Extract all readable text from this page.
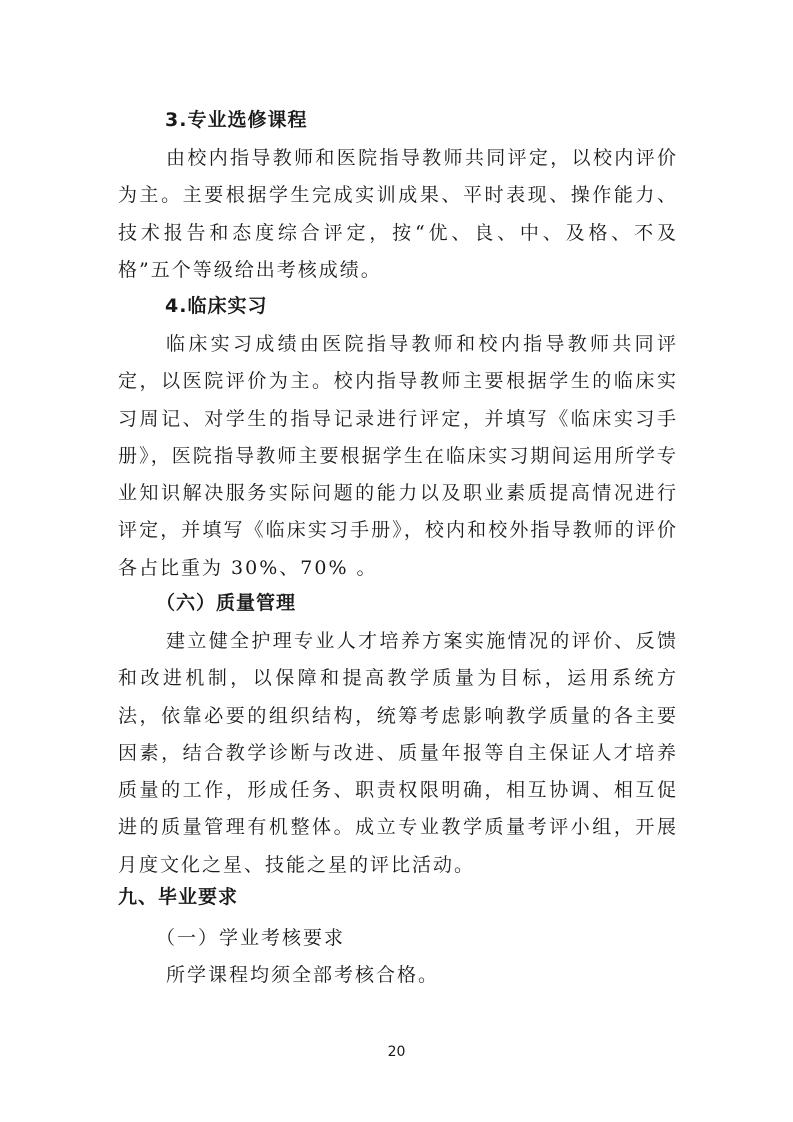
3.专业选修课程
由校内指导教师和医院指导教师共同评定，以校内评价为主。主要根据学生完成实训成果、平时表现、操作能力、技术报告和态度综合评定，按“优、良、中、及格、不及格”五个等级给出考核成绩。
4.临床实习
临床实习成绩由医院指导教师和校内指导教师共同评定，以医院评价为主。校内指导教师主要根据学生的临床实习周记、对学生的指导记录进行评定，并填写《临床实习手册》，医院指导教师主要根据学生在临床实习期间运用所学专业知识解决服务实际问题的能力以及职业素质提高情况进行评定，并填写《临床实习手册》，校内和校外指导教师的评价各占比重为 30%、70% 。
（六）质量管理
建立健全护理专业人才培养方案实施情况的评价、反馈和改进机制，以保障和提高教学质量为目标，运用系统方法，依靠必要的组织结构，统筹考虑影响教学质量的各主要因素，结合教学诊断与改进、质量年报等自主保证人才培养质量的工作，形成任务、职责权限明确，相互协调、相互促进的质量管理有机整体。成立专业教学质量考评小组，开展月度文化之星、技能之星的评比活动。
九、毕业要求
（一）学业考核要求
所学课程均须全部考核合格。
20
